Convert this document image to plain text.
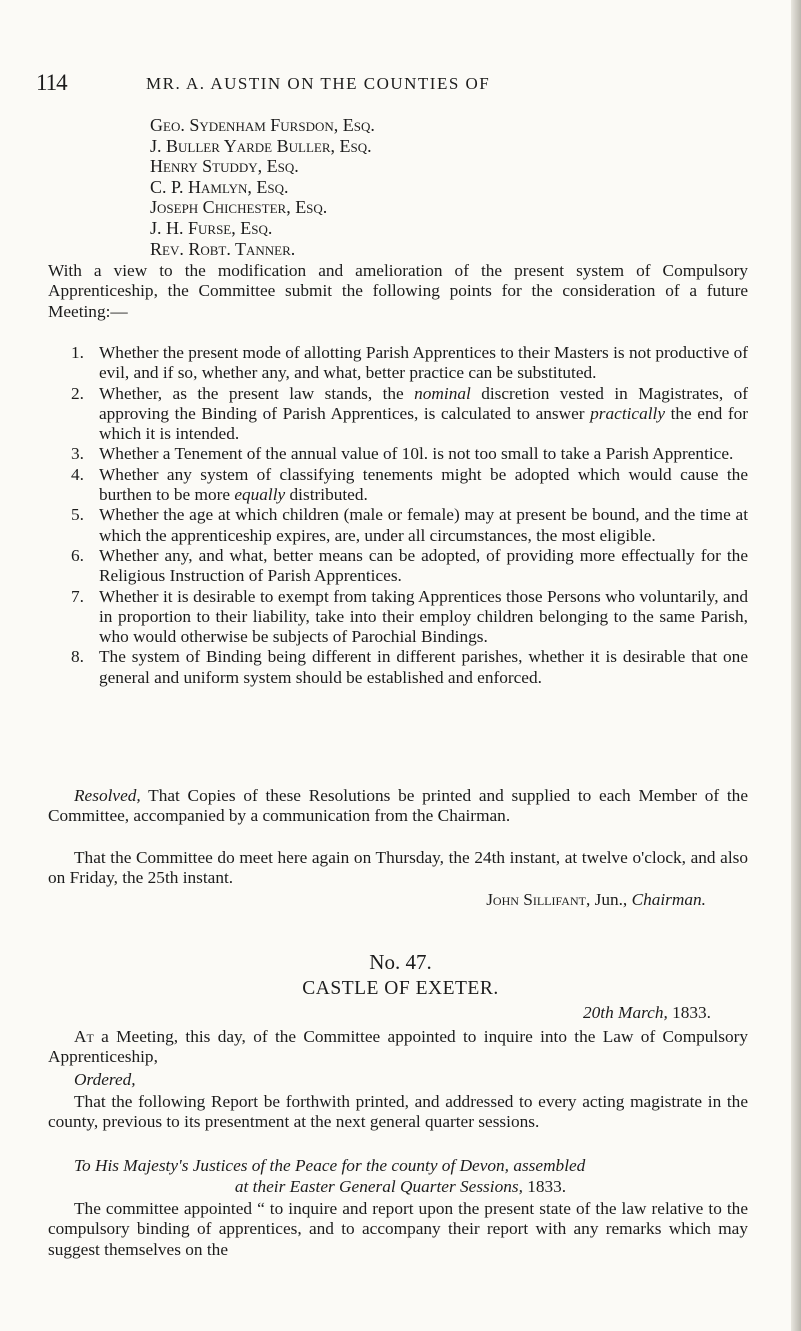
114	MR. A. AUSTIN ON THE COUNTIES OF
Geo. Sydenham Fursdon, Esq.
J. Buller Yarde Buller, Esq.
Henry Studdy, Esq.
C. P. Hamlyn, Esq.
Joseph Chichester, Esq.
J. H. Furse, Esq.
Rev. Robt. Tanner.
With a view to the modification and amelioration of the present system of Compulsory Apprenticeship, the Committee submit the following points for the consideration of a future Meeting:—
1. Whether the present mode of allotting Parish Apprentices to their Masters is not productive of evil, and if so, whether any, and what, better practice can be substituted.
2. Whether, as the present law stands, the nominal discretion vested in Magistrates, of approving the Binding of Parish Apprentices, is calculated to answer practically the end for which it is intended.
3. Whether a Tenement of the annual value of 10l. is not too small to take a Parish Apprentice.
4. Whether any system of classifying tenements might be adopted which would cause the burthen to be more equally distributed.
5. Whether the age at which children (male or female) may at present be bound, and the time at which the apprenticeship expires, are, under all circumstances, the most eligible.
6. Whether any, and what, better means can be adopted, of providing more effectually for the Religious Instruction of Parish Apprentices.
7. Whether it is desirable to exempt from taking Apprentices those Persons who voluntarily, and in proportion to their liability, take into their employ children belonging to the same Parish, who would otherwise be subjects of Parochial Bindings.
8. The system of Binding being different in different parishes, whether it is desirable that one general and uniform system should be established and enforced.
Resolved, That Copies of these Resolutions be printed and supplied to each Member of the Committee, accompanied by a communication from the Chairman.
That the Committee do meet here again on Thursday, the 24th instant, at twelve o'clock, and also on Friday, the 25th instant.
John Sillifant, Jun., Chairman.
No. 47.
CASTLE OF EXETER.
20th March, 1833.
At a Meeting, this day, of the Committee appointed to inquire into the Law of Compulsory Apprenticeship,
Ordered,
That the following Report be forthwith printed, and addressed to every acting magistrate in the county, previous to its presentment at the next general quarter sessions.
To His Majesty's Justices of the Peace for the county of Devon, assembled
at their Easter General Quarter Sessions, 1833.
The committee appointed “ to inquire and report upon the present state of the law relative to the compulsory binding of apprentices, and to accompany their report with any remarks which may suggest themselves on the
